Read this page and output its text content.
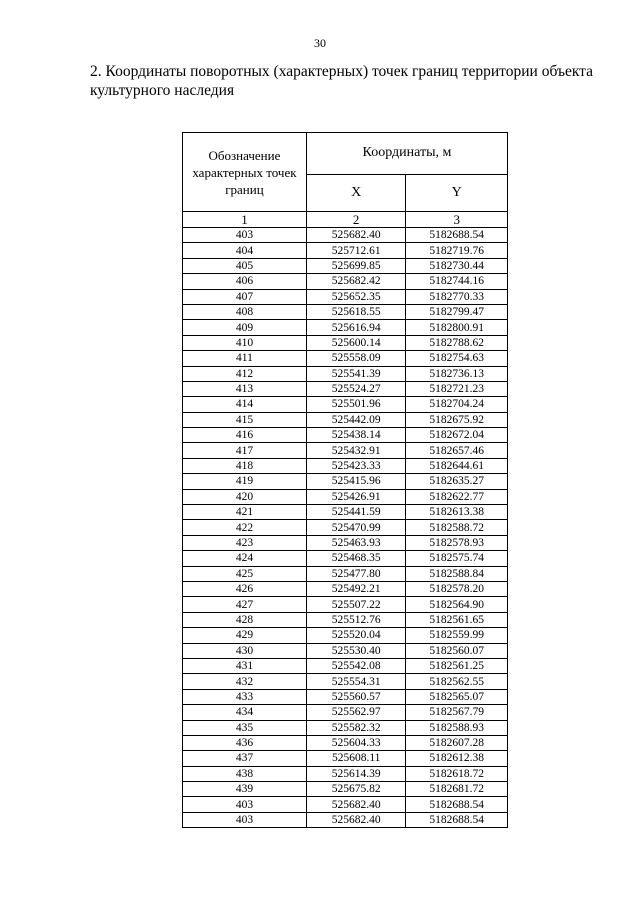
30
2. Координаты поворотных (характерных) точек границ территории объекта культурного наследия
Обозначение характерных точек границ	Координаты, м	
	X	Y
1	2	3
403	525682.40	5182688.54
404	525712.61	5182719.76
405	525699.85	5182730.44
406	525682.42	5182744.16
407	525652.35	5182770.33
408	525618.55	5182799.47
409	525616.94	5182800.91
410	525600.14	5182788.62
411	525558.09	5182754.63
412	525541.39	5182736.13
413	525524.27	5182721.23
414	525501.96	5182704.24
415	525442.09	5182675.92
416	525438.14	5182672.04
417	525432.91	5182657.46
418	525423.33	5182644.61
419	525415.96	5182635.27
420	525426.91	5182622.77
421	525441.59	5182613.38
422	525470.99	5182588.72
423	525463.93	5182578.93
424	525468.35	5182575.74
425	525477.80	5182588.84
426	525492.21	5182578.20
427	525507.22	5182564.90
428	525512.76	5182561.65
429	525520.04	5182559.99
430	525530.40	5182560.07
431	525542.08	5182561.25
432	525554.31	5182562.55
433	525560.57	5182565.07
434	525562.97	5182567.79
435	525582.32	5182588.93
436	525604.33	5182607.28
437	525608.11	5182612.38
438	525614.39	5182618.72
439	525675.82	5182681.72
403	525682.40	5182688.54
403	525682.40	5182688.54
